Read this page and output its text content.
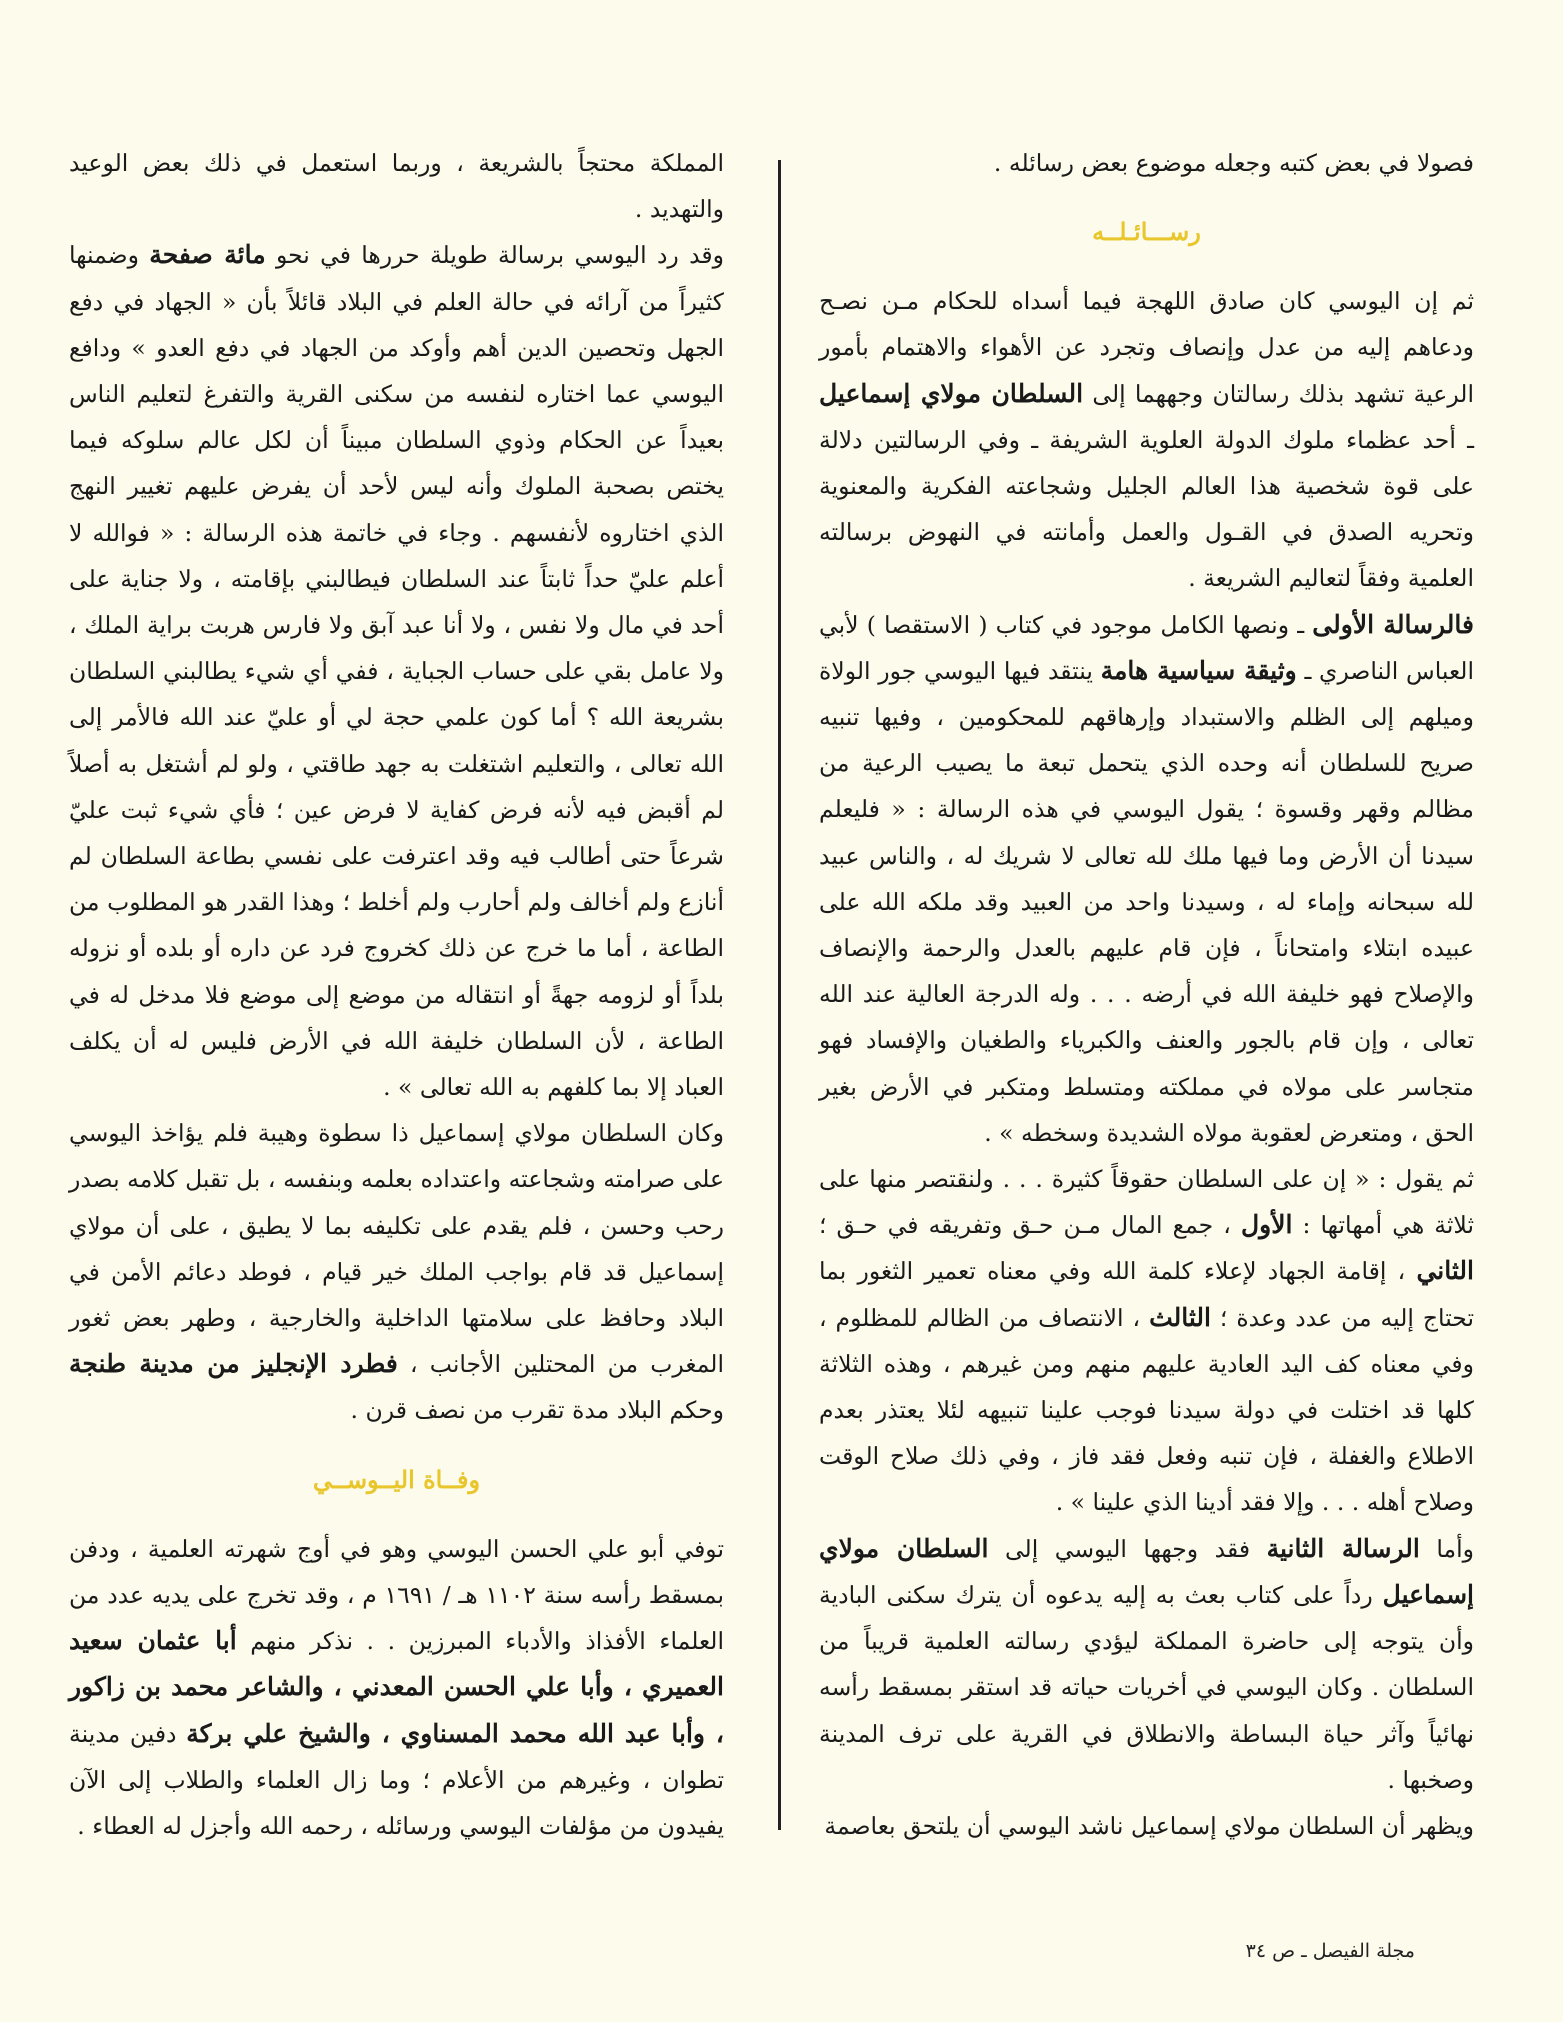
فصولا في بعض كتبه وجعله موضوع بعض رسائله .

رســـائـلــه

ثم إن اليوسي كان صادق اللهجة فيما أسداه للحكام مـن نصـح ودعاهم إليه من عدل وإنصاف وتجرد عن الأهواء والاهتمام بأمور الرعية تشهد بذلك رسالتان وجههما إلى السلطان مولاي إسماعيل ـ أحد عظماء ملوك الدولة العلوية الشريفة ـ وفي الرسالتين دلالة على قوة شخصية هذا العالم الجليل وشجاعته الفكرية والمعنوية وتحريه الصدق في القـول والعمل وأمانته في النهوض برسالته العلمية وفقاً لتعاليم الشريعة .

فالرسالة الأولى ـ ونصها الكامل موجود في كتاب ( الاستقصا ) لأبي العباس الناصري ـ وثيقة سياسية هامة ينتقد فيها اليوسي جور الولاة وميلهم إلى الظلم والاستبداد وإرهاقهم للمحكومين ، وفيها تنبيه صريح للسلطان أنه وحده الذي يتحمل تبعة ما يصيب الرعية من مظالم وقهر وقسوة ؛ يقول اليوسي في هذه الرسالة : « فليعلم سيدنا أن الأرض وما فيها ملك لله تعالى لا شريك له ، والناس عبيد لله سبحانه وإماء له ، وسيدنا واحد من العبيد وقد ملكه الله على عبيده ابتلاء وامتحاناً ، فإن قام عليهم بالعدل والرحمة والإنصاف والإصلاح فهو خليفة الله في أرضه . . . وله الدرجة العالية عند الله تعالى ، وإن قام بالجور والعنف والكبرياء والطغيان والإفساد فهو متجاسر على مولاه في مملكته ومتسلط ومتكبر في الأرض بغير الحق ، ومتعرض لعقوبة مولاه الشديدة وسخطه » .

ثم يقول : « إن على السلطان حقوقاً كثيرة . . . ولنقتصر منها على ثلاثة هي أمهاتها : الأول ، جمع المال مـن حـق وتفريقه في حـق ؛ الثاني ، إقامة الجهاد لإعلاء كلمة الله وفي معناه تعمير الثغور بما تحتاج إليه من عدد وعدة ؛ الثالث ، الانتصاف من الظالم للمظلوم ، وفي معناه كف اليد العادية عليهم منهم ومن غيرهم ، وهذه الثلاثة كلها قد اختلت في دولة سيدنا فوجب علينا تنبيهه لئلا يعتذر بعدم الاطلاع والغفلة ، فإن تنبه وفعل فقد فاز ، وفي ذلك صلاح الوقت وصلاح أهله . . . وإلا فقد أدينا الذي علينا » .

وأما الرسالة الثانية فقد وجهها اليوسي إلى السلطان مولاي إسماعيل رداً على كتاب بعث به إليه يدعوه أن يترك سكنى البادية وأن يتوجه إلى حاضرة المملكة ليؤدي رسالته العلمية قريباً من السلطان . وكان اليوسي في أخريات حياته قد استقر بمسقط رأسه نهائياً وآثر حياة البساطة والانطلاق في القرية على ترف المدينة وصخبها .

ويظهر أن السلطان مولاي إسماعيل ناشد اليوسي أن يلتحق بعاصمة

المملكة محتجاً بالشريعة ، وربما استعمل في ذلك بعض الوعيد والتهديد .

وقد رد اليوسي برسالة طويلة حررها في نحو مائة صفحة وضمنها كثيراً من آرائه في حالة العلم في البلاد قائلاً بأن « الجهاد في دفع الجهل وتحصين الدين أهم وأوكد من الجهاد في دفع العدو » ودافع اليوسي عما اختاره لنفسه من سكنى القرية والتفرغ لتعليم الناس بعيداً عن الحكام وذوي السلطان مبيناً أن لكل عالم سلوكه فيما يختص بصحبة الملوك وأنه ليس لأحد أن يفرض عليهم تغيير النهج الذي اختاروه لأنفسهم . وجاء في خاتمة هذه الرسالة : « فوالله لا أعلم عليّ حداً ثابتاً عند السلطان فيطالبني بإقامته ، ولا جناية على أحد في مال ولا نفس ، ولا أنا عبد آبق ولا فارس هربت براية الملك ، ولا عامل بقي على حساب الجباية ، ففي أي شيء يطالبني السلطان بشريعة الله ؟ أما كون علمي حجة لي أو عليّ عند الله فالأمر إلى الله تعالى ، والتعليم اشتغلت به جهد طاقتي ، ولو لم أشتغل به أصلاً لم أقبض فيه لأنه فرض كفاية لا فرض عين ؛ فأي شيء ثبت عليّ شرعاً حتى أطالب فيه وقد اعترفت على نفسي بطاعة السلطان لم أنازع ولم أخالف ولم أحارب ولم أخلط ؛ وهذا القدر هو المطلوب من الطاعة ، أما ما خرج عن ذلك كخروج فرد عن داره أو بلده أو نزوله بلداً أو لزومه جهةً أو انتقاله من موضع إلى موضع فلا مدخل له في الطاعة ، لأن السلطان خليفة الله في الأرض فليس له أن يكلف العباد إلا بما كلفهم به الله تعالى » .

وكان السلطان مولاي إسماعيل ذا سطوة وهيبة فلم يؤاخذ اليوسي على صرامته وشجاعته واعتداده بعلمه وبنفسه ، بل تقبل كلامه بصدر رحب وحسن ، فلم يقدم على تكليفه بما لا يطيق ، على أن مولاي إسماعيل قد قام بواجب الملك خير قيام ، فوطد دعائم الأمن في البلاد وحافظ على سلامتها الداخلية والخارجية ، وطهر بعض ثغور المغرب من المحتلين الأجانب ، فطرد الإنجليز من مدينة طنجة وحكم البلاد مدة تقرب من نصف قرن .

وفــاة اليــوســي

توفي أبو علي الحسن اليوسي وهو في أوج شهرته العلمية ، ودفن بمسقط رأسه سنة ١١٠٢ هـ / ١٦٩١ م ، وقد تخرج على يديه عدد من العلماء الأفذاذ والأدباء المبرزين . . نذكر منهم أبا عثمان سعيد العميري ، وأبا علي الحسن المعدني ، والشاعر محمد بن زاكور ، وأبا عبد الله محمد المسناوي ، والشيخ علي بركة دفين مدينة تطوان ، وغيرهم من الأعلام ؛ وما زال العلماء والطلاب إلى الآن يفيدون من مؤلفات اليوسي ورسائله ، رحمه الله وأجزل له العطاء .

مجلة الفيصل ـ ص ٣٤
